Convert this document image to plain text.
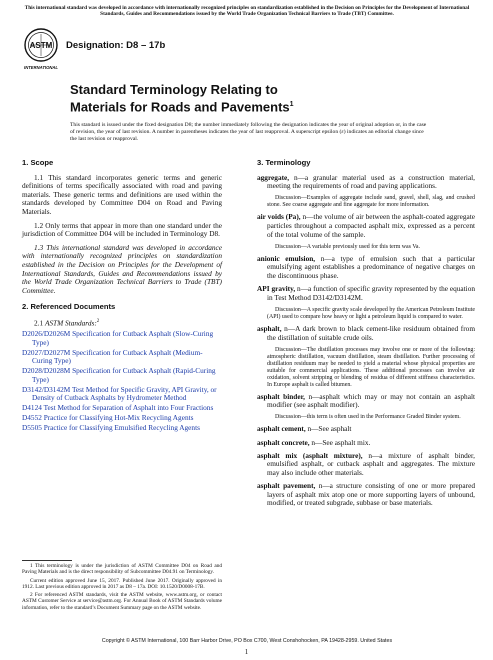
This international standard was developed in accordance with internationally recognized principles on standardization established in the Decision on Principles for the Development of International Standards, Guides and Recommendations issued by the World Trade Organization Technical Barriers to Trade (TBT) Committee.
ASTM
INTERNATIONAL
Designation: D8 – 17b
Standard Terminology Relating to
Materials for Roads and Pavements$^1$
This standard is issued under the fixed designation D8; the number immediately following the designation indicates the year of original adoption or, in the case of revision, the year of last revision. A number in parentheses indicates the year of last reapproval. A superscript epsilon (ε) indicates an editorial change since the last revision or reapproval.
1. Scope

1.1 This standard incorporates generic terms and generic definitions of terms specifically associated with road and paving materials. These generic terms and definitions are used within the standards developed by Committee D04 on Road and Paving Materials.

1.2 Only terms that appear in more than one standard under the jurisdiction of Committee D04 will be included in Terminology D8.

1.3 This international standard was developed in accordance with internationally recognized principles on standardization established in the Decision on Principles for the Development of International Standards, Guides and Recommendations issued by the World Trade Organization Technical Barriers to Trade (TBT) Committee.

2. Referenced Documents
2.1 ASTM Standards:$^2$
D2026/D2026M Specification for Cutback Asphalt (Slow-Curing Type)
D2027/D2027M Specification for Cutback Asphalt (Medium-Curing Type)
D2028/D2028M Specification for Cutback Asphalt (Rapid-Curing Type)
D3142/D3142M Test Method for Specific Gravity, API Gravity, or Density of Cutback Asphalts by Hydrometer Method
D4124 Test Method for Separation of Asphalt into Four Fractions
D4552 Practice for Classifying Hot-Mix Recycling Agents
D5505 Practice for Classifying Emulsified Recycling Agents

1 This terminology is under the jurisdiction of ASTM Committee D04 on Road and Paving Materials and is the direct responsibility of Subcommittee D04.91 on Terminology.

Current edition approved June 15, 2017. Published June 2017. Originally approved in 1912. Last previous edition approved in 2017 as D8 – 17a. DOI: 10.1520/D0008-17B.

2 For referenced ASTM standards, visit the ASTM website, www.astm.org, or contact ASTM Customer Service at service@astm.org. For Annual Book of ASTM Standards volume information, refer to the standard’s Document Summary page on the ASTM website.

3. Terminology
aggregate, n—a granular material used as a construction material, meeting the requirements of road and paving applications.
Discussion—Examples of aggregate include sand, gravel, shell, slag, and crushed stone. See coarse aggregate and fine aggregate for more information.
air voids (Pa), n—the volume of air between the asphalt-coated aggregate particles throughout a compacted asphalt mix, expressed as a percent of the total volume of the sample.
Discussion—A variable previously used for this term was Va.
anionic emulsion, n—a type of emulsion such that a particular emulsifying agent establishes a predominance of negative charges on the discontinuous phase.
API gravity, n—a function of specific gravity represented by the equation in Test Method D3142/D3142M.
Discussion—A specific gravity scale developed by the American Petroleum Institute (API) used to compare how heavy or light a petroleum liquid is compared to water.
asphalt, n—A dark brown to black cement-like residuum obtained from the distillation of suitable crude oils.
Discussion—The distillation processes may involve one or more of the following: atmospheric distillation, vacuum distillation, steam distillation. Further processing of distillation residuum may be needed to yield a material whose physical properties are suitable for commercial applications. These additional processes can involve air oxidation, solvent stripping or blending of residua of different stiffness characteristics. In Europe asphalt is called bitumen.
asphalt binder, n—asphalt which may or may not contain an asphalt modifier (see asphalt modifier).
Discussion—this term is often used in the Performance Graded Binder system.
asphalt cement, n—See asphalt
asphalt concrete, n—See asphalt mix.
asphalt mix (asphalt mixture), n—a mixture of asphalt binder, emulsified asphalt, or cutback asphalt and aggregates. The mixture may also include other materials.
asphalt pavement, n—a structure consisting of one or more prepared layers of asphalt mix atop one or more supporting layers of unbound, modified, or treated subgrade, subbase or base materials.
Copyright © ASTM International, 100 Barr Harbor Drive, PO Box C700, West Conshohocken, PA 19428-2959. United States
1
